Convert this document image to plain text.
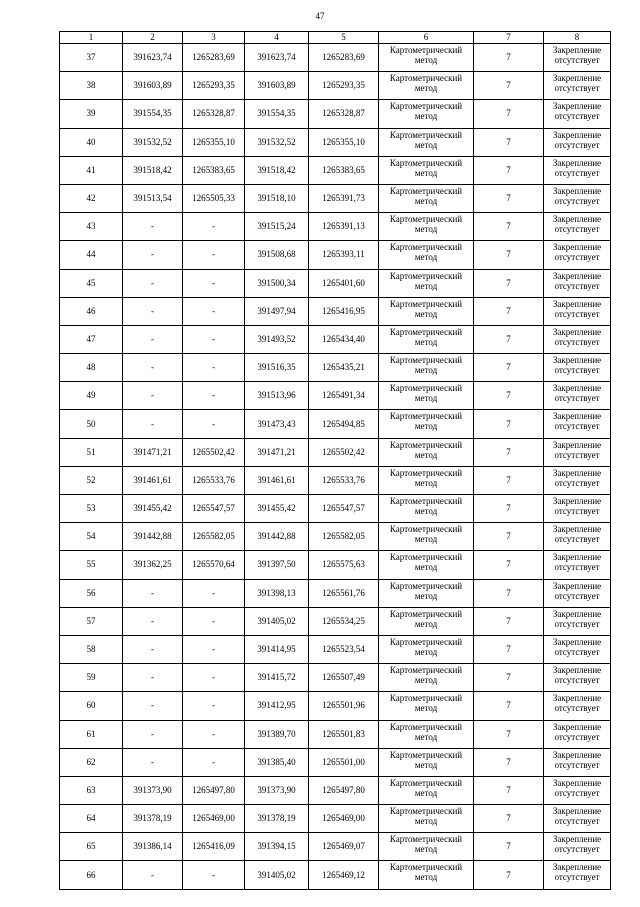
47
1	2	3	4	5	6	7	8
37	391623,74	1265283,69	391623,74	1265283,69	Картометрический метод	7	Закрепление отсутствует
38	391603,89	1265293,35	391603,89	1265293,35	Картометрический метод	7	Закрепление отсутствует
39	391554,35	1265328,87	391554,35	1265328,87	Картометрический метод	7	Закрепление отсутствует
40	391532,52	1265355,10	391532,52	1265355,10	Картометрический метод	7	Закрепление отсутствует
41	391518,42	1265383,65	391518,42	1265383,65	Картометрический метод	7	Закрепление отсутствует
42	391513,54	1265505,33	391518,10	1265391,73	Картометрический метод	7	Закрепление отсутствует
43	-	-	391515,24	1265391,13	Картометрический метод	7	Закрепление отсутствует
44	-	-	391508,68	1265393,11	Картометрический метод	7	Закрепление отсутствует
45	-	-	391500,34	1265401,60	Картометрический метод	7	Закрепление отсутствует
46	-	-	391497,94	1265416,95	Картометрический метод	7	Закрепление отсутствует
47	-	-	391493,52	1265434,40	Картометрический метод	7	Закрепление отсутствует
48	-	-	391516,35	1265435,21	Картометрический метод	7	Закрепление отсутствует
49	-	-	391513,96	1265491,34	Картометрический метод	7	Закрепление отсутствует
50	-	-	391473,43	1265494,85	Картометрический метод	7	Закрепление отсутствует
51	391471,21	1265502,42	391471,21	1265502,42	Картометрический метод	7	Закрепление отсутствует
52	391461,61	1265533,76	391461,61	1265533,76	Картометрический метод	7	Закрепление отсутствует
53	391455,42	1265547,57	391455,42	1265547,57	Картометрический метод	7	Закрепление отсутствует
54	391442,88	1265582,05	391442,88	1265582,05	Картометрический метод	7	Закрепление отсутствует
55	391362,25	1265570,64	391397,50	1265575,63	Картометрический метод	7	Закрепление отсутствует
56	-	-	391398,13	1265561,76	Картометрический метод	7	Закрепление отсутствует
57	-	-	391405,02	1265534,25	Картометрический метод	7	Закрепление отсутствует
58	-	-	391414,95	1265523,54	Картометрический метод	7	Закрепление отсутствует
59	-	-	391415,72	1265507,49	Картометрический метод	7	Закрепление отсутствует
60	-	-	391412,95	1265501,96	Картометрический метод	7	Закрепление отсутствует
61	-	-	391389,70	1265501,83	Картометрический метод	7	Закрепление отсутствует
62	-	-	391385,40	1265501,00	Картометрический метод	7	Закрепление отсутствует
63	391373,90	1265497,80	391373,90	1265497,80	Картометрический метод	7	Закрепление отсутствует
64	391378,19	1265469,00	391378,19	1265469,00	Картометрический метод	7	Закрепление отсутствует
65	391386,14	1265416,09	391394,15	1265469,07	Картометрический метод	7	Закрепление отсутствует
66	-	-	391405,02	1265469,12	Картометрический метод	7	Закрепление отсутствует
